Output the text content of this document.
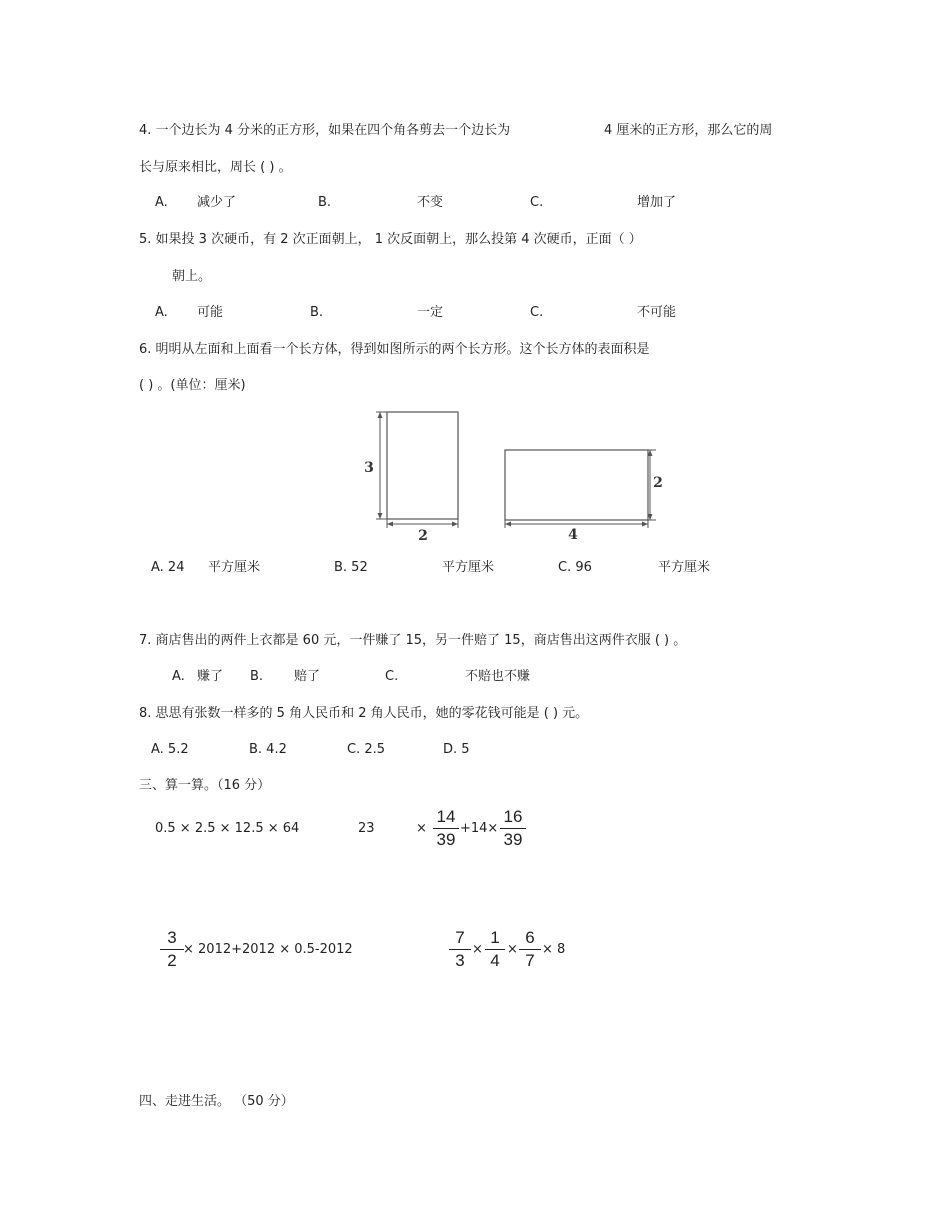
4. 一个边长为 4 分米的正方形，如果在四个角各剪去一个边长为	4 厘米的正方形，那么它的周
长与原来相比，周长 ( ) 。
A. 减少了	B.	不变	C.	增加了
5. 如果投 3 次硬币，有 2 次正面朝上， 1 次反面朝上，那么投第 4 次硬币，正面（ ）
朝上。
A. 可能	B.	一定	C.	不可能
6. 明明从左面和上面看一个长方体，得到如图所示的两个长方形。这个长方体的表面积是
( ) 。(单位：厘米)
3
2
2
4
A. 24 平方厘米	B. 52	平方厘米	C. 96	平方厘米
7. 商店售出的两件上衣都是 60 元，一件赚了 15，另一件赔了 15，商店售出这两件衣服 ( ) 。
A. 赚了 B. 赔了	C.	不赔也不赚
8. 思思有张数一样多的 5 角人民币和 2 角人民币，她的零花钱可能是 ( ) 元。
A. 5.2	B. 4.2	C. 2.5	D. 5
三、算一算。（16 分）
0.5 × 2.5 × 12.5 × 64	23	×
14
39
+14×
16
39
3
2
× 2012+2012 × 0.5-2012
7
3
×
1
4
×
6
7
× 8
四、走进生活。 （50 分）
